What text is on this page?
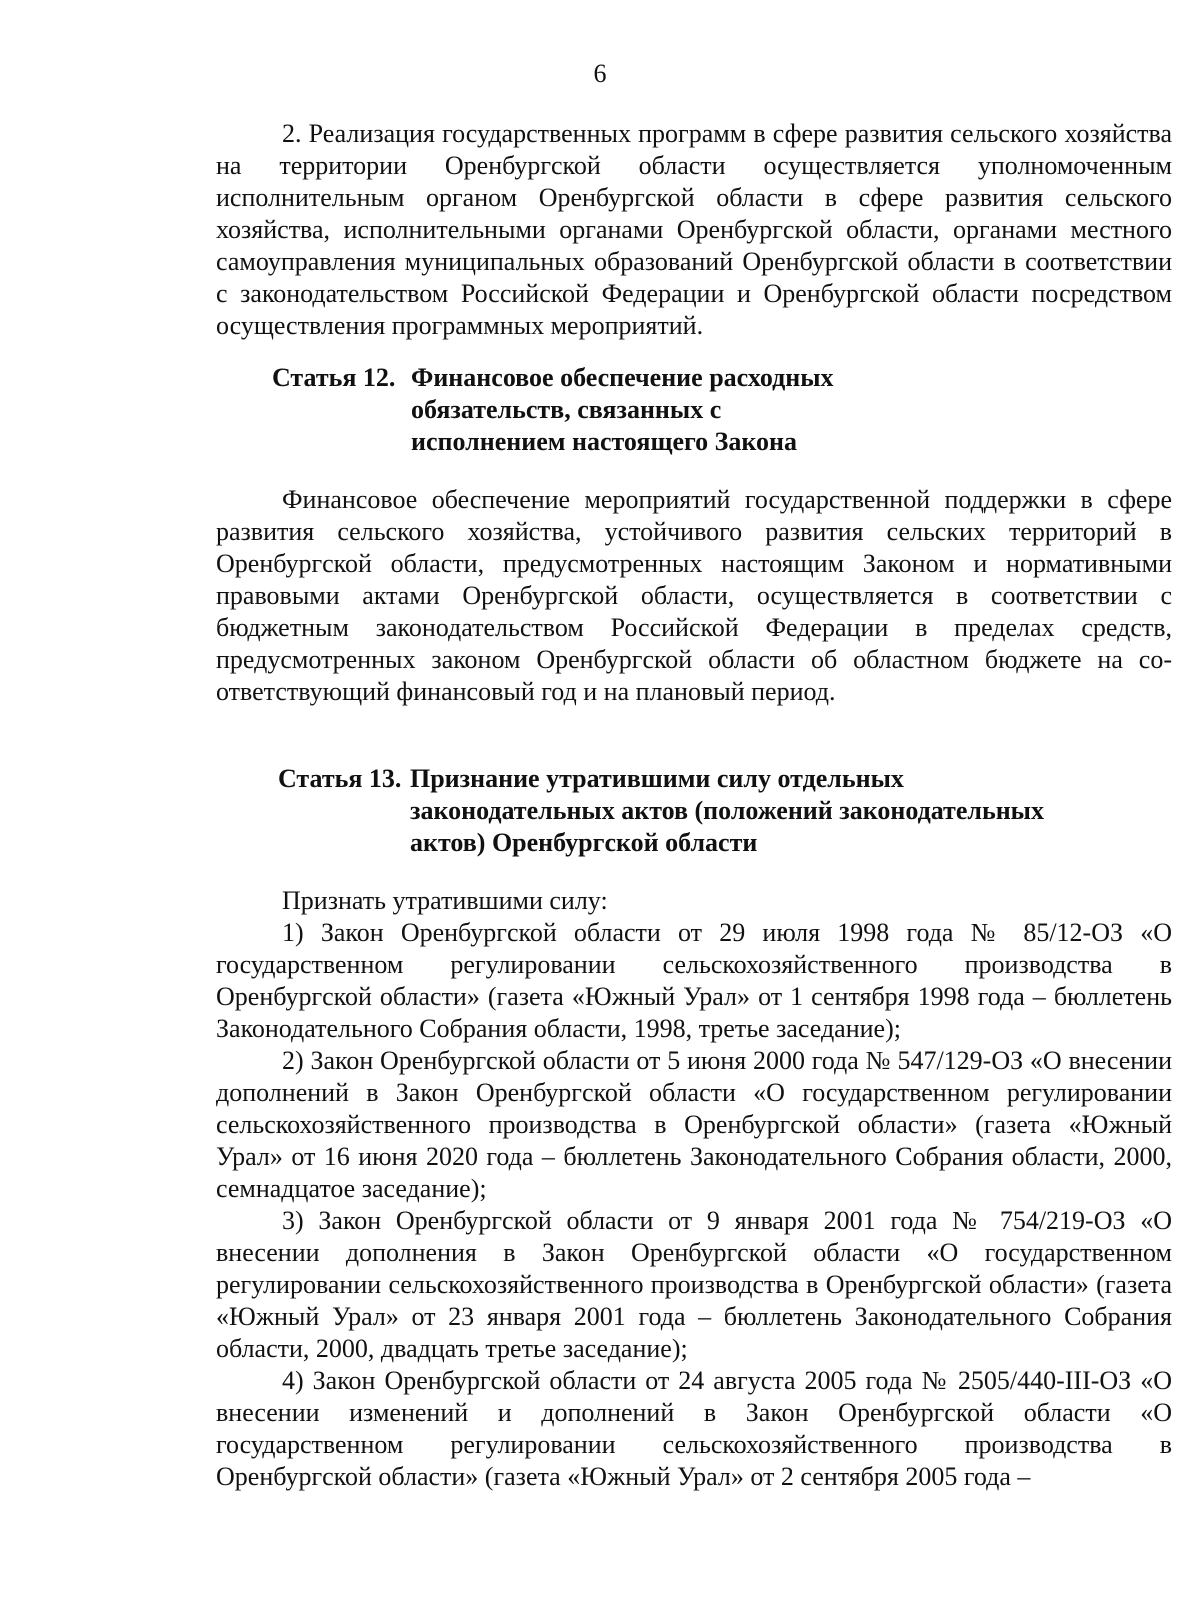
6

2. Реализация государственных программ в сфере развития сельского хозяйства на территории Оренбургской области осуществляется уполномоченным исполнительным органом Оренбургской области в сфере развития сельского хозяйства, исполнительными органами Оренбургской области, органами местного самоуправления муниципальных образований Оренбургской области в соответствии с законодательством Российской Федерации и Оренбургской области посредством осуществления программных мероприятий.

Статья 12. Финансовое обеспечение расходных обязательств, связанных с исполнением настоящего Закона

Финансовое обеспечение мероприятий государственной поддержки в сфере развития сельского хозяйства, устойчивого развития сельских территорий в Оренбургской области, предусмотренных настоящим Законом и нормативными правовыми актами Оренбургской области, осуществляется в соответствии с бюджетным законодательством Российской Федерации в пределах средств, предусмотренных законом Оренбургской области об областном бюджете на соответствующий финансовый год и на плановый период.

Статья 13. Признание утратившими силу отдельных законодательных актов (положений законодательных актов) Оренбургской области

Признать утратившими силу:

1) Закон Оренбургской области от 29 июля 1998 года № 85/12-ОЗ «О государственном регулировании сельскохозяйственного производства в Оренбургской области» (газета «Южный Урал» от 1 сентября 1998 года – бюллетень Законодательного Собрания области, 1998, третье заседание);

2) Закон Оренбургской области от 5 июня 2000 года № 547/129-ОЗ «О внесении дополнений в Закон Оренбургской области «О государственном регулировании сельскохозяйственного производства в Оренбургской области» (газета «Южный Урал» от 16 июня 2020 года – бюллетень Законодательного Собрания области, 2000, семнадцатое заседание);

3) Закон Оренбургской области от 9 января 2001 года № 754/219-ОЗ «О внесении дополнения в Закон Оренбургской области «О государственном регулировании сельскохозяйственного производства в Оренбургской области» (газета «Южный Урал» от 23 января 2001 года – бюллетень Законодательного Собрания области, 2000, двадцать третье заседание);

4) Закон Оренбургской области от 24 августа 2005 года № 2505/440-III-ОЗ «О внесении изменений и дополнений в Закон Оренбургской области «О государственном регулировании сельскохозяйственного производства в Оренбургской области» (газета «Южный Урал» от 2 сентября 2005 года –
